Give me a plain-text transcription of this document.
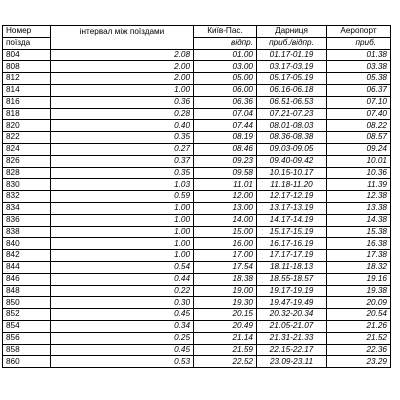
Номер	інтервал між поїздами	Київ-Пас.	Дарниця	Аеропорт
поїзда		відпр.	приб./відпр.	приб.
804	2.08	01.00	01.17-01.19	01.38
808	2.00	03.00	03.17-03.19	03.38
812	2.00	05.00	05.17-05.19	05.38
814	1.00	06.00	06.16-06.18	06.37
816	0.36	06.36	06.51-06.53	07.10
818	0.28	07.04	07.21-07.23	07.40
820	0.40	07.44	08.01-08.03	08.22
822	0.35	08.19	08.36-08.38	08.57
824	0.27	08.46	09.03-09.05	09.24
826	0.37	09.23	09.40-09.42	10.01
828	0.35	09.58	10.15-10.17	10.36
830	1.03	11.01	11.18-11.20	11.39
832	0.59	12.00	12.17-12.19	12.38
834	1.00	13.00	13.17-13.19	13.38
836	1.00	14.00	14.17-14.19	14.38
838	1.00	15.00	15.17-15.19	15.38
840	1.00	16.00	16.17-16.19	16.38
842	1.00	17.00	17.17-17.19	17.38
844	0.54	17.54	18.11-18.13	18.32
846	0.44	18.38	18.55-18.57	19.16
848	0.22	19.00	19.17-19.19	19.38
850	0.30	19.30	19.47-19.49	20.09
852	0.45	20.15	20.32-20.34	20.54
854	0.34	20.49	21.05-21.07	21.26
856	0.25	21.14	21.31-21.33	21.52
858	0.45	21.59	22.15-22.17	22.36
860	0.53	22.52	23.09-23.11	23.29
